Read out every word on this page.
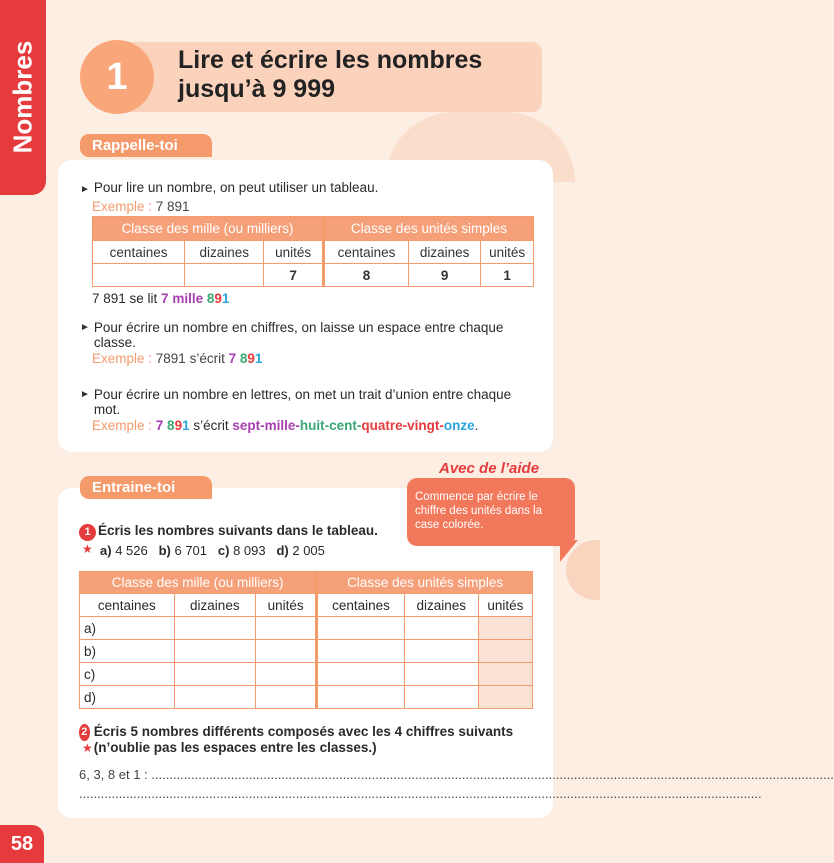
Nombres
58
1	Lire et écrire les nombres
jusqu’à 9 999
Rappelle-toi
► Pour lire un nombre, on peut utiliser un tableau.
Exemple : 7 891
Classe des mille (ou milliers)			Classe des unités simples		
centaines	dizaines	unités	centaines	dizaines	unités
		7	8	9	1
7 891 se lit 7 mille 891
► Pour écrire un nombre en chiffres, on laisse un espace entre chaque classe.
Exemple : 7891 s’écrit 7 891
► Pour écrire un nombre en lettres, on met un trait d’union entre chaque mot.
Exemple : 7 891 s’écrit sept-mille-huit-cent-quatre-vingt-onze.
Entraine-toi
Avec de l’aide
Commence par écrire le chiffre des unités dans la case colorée.
1 Écris les nombres suivants dans le tableau.
★ a) 4 526 b) 6 701 c) 8 093 d) 2 005
Classe des mille (ou milliers)			Classe des unités simples		
centaines	dizaines	unités	centaines	dizaines	unités
a)					
b)					
c)					
d)					
2 Écris 5 nombres différents composés avec les 4 chiffres suivants (n’oublie pas les espaces entre les classes.)
★
6, 3, 8 et 1 : .............................................................................................................................................................................................
.............................................................................................................................................................................................
